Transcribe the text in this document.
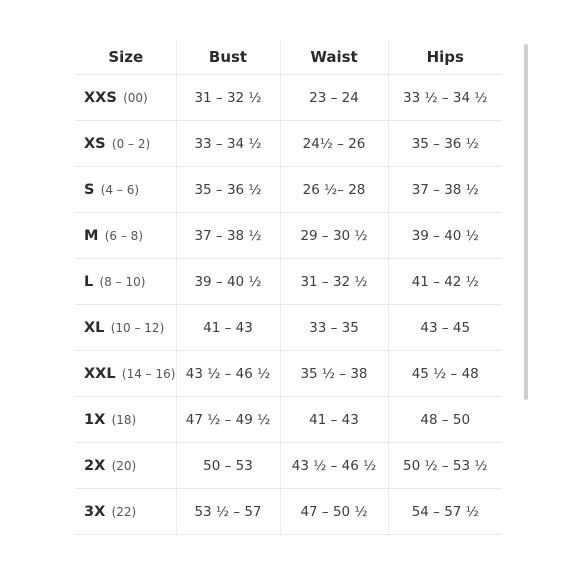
Size	Bust	Waist	Hips
XXS (00)	31 – 32 ½	23 – 24	33 ½ – 34 ½
XS (0 – 2)	33 – 34 ½	24½ – 26	35 – 36 ½
S (4 – 6)	35 – 36 ½	26 ½– 28	37 – 38 ½
M (6 – 8)	37 – 38 ½	29 – 30 ½	39 – 40 ½
L (8 – 10)	39 – 40 ½	31 – 32 ½	41 – 42 ½
XL (10 – 12)	41 – 43	33 – 35	43 – 45
XXL (14 – 16)	43 ½ – 46 ½	35 ½ – 38	45 ½ – 48
1X (18)	47 ½ – 49 ½	41 – 43	48 – 50
2X (20)	50 – 53	43 ½ – 46 ½	50 ½ – 53 ½
3X (22)	53 ½ – 57	47 – 50 ½	54 – 57 ½
